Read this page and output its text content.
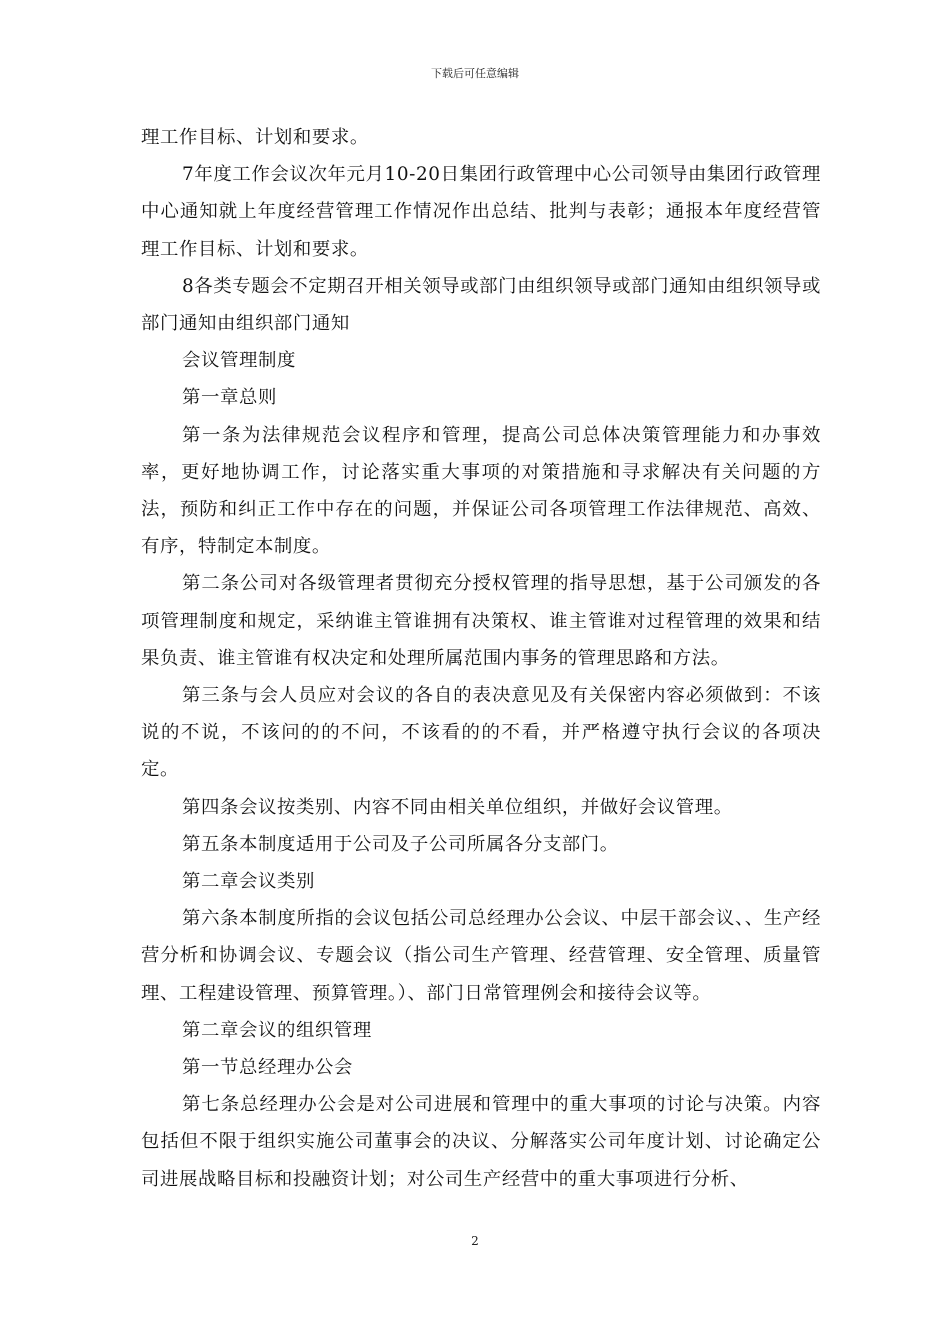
下载后可任意编辑

理工作目标、计划和要求。

7年度工作会议次年元月10-20日集团行政管理中心公司领导由集团行政管理中心通知就上年度经营管理工作情况作出总结、批判与表彰；通报本年度经营管理工作目标、计划和要求。

8各类专题会不定期召开相关领导或部门由组织领导或部门通知由组织领导或部门通知由组织部门通知

会议管理制度

第一章总则

第一条为法律规范会议程序和管理，提高公司总体决策管理能力和办事效率，更好地协调工作，讨论落实重大事项的对策措施和寻求解决有关问题的方法，预防和纠正工作中存在的问题，并保证公司各项管理工作法律规范、高效、有序，特制定本制度。

第二条公司对各级管理者贯彻充分授权管理的指导思想，基于公司颁发的各项管理制度和规定，采纳谁主管谁拥有决策权、谁主管谁对过程管理的效果和结果负责、谁主管谁有权决定和处理所属范围内事务的管理思路和方法。

第三条与会人员应对会议的各自的表决意见及有关保密内容必须做到：不该说的不说，不该问的的不问，不该看的的不看，并严格遵守执行会议的各项决定。

第四条会议按类别、内容不同由相关单位组织，并做好会议管理。

第五条本制度适用于公司及子公司所属各分支部门。

第二章会议类别

第六条本制度所指的会议包括公司总经理办公会议、中层干部会议、、生产经营分析和协调会议、专题会议（指公司生产管理、经营管理、安全管理、质量管理、工程建设管理、预算管理。）、部门日常管理例会和接待会议等。

第二章会议的组织管理

第一节总经理办公会

第七条总经理办公会是对公司进展和管理中的重大事项的讨论与决策。内容包括但不限于组织实施公司董事会的决议、分解落实公司年度计划、讨论确定公司进展战略目标和投融资计划；对公司生产经营中的重大事项进行分析、

2
